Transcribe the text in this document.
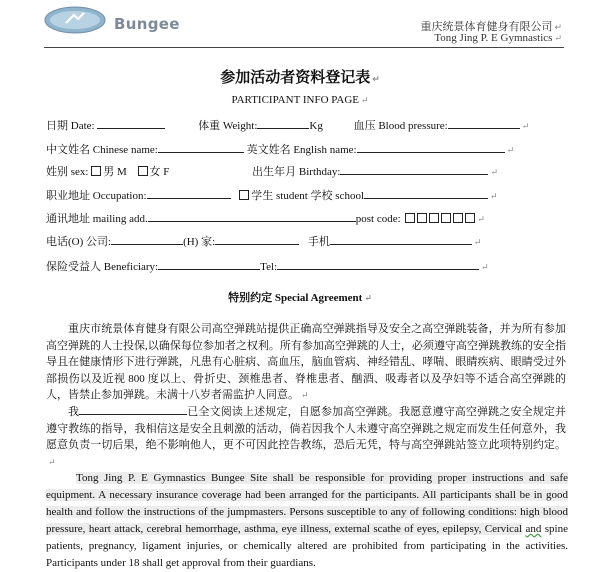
Bungee	重庆统景体育健身有限公司 ↵
Tong Jing P. E Gymnastics ↵
参加活动者资料登记表 ↵
PARTICIPANT INFO PAGE ↵
日期 Date:	体重 Weight:	Kg	血压 Blood pressure:	↵
中文姓名 Chinese name:	英文姓名 English name:	↵
姓别 sex: 男 M 女 F	出生年月 Birthday:	↵
职业地址 Occupation:	学生 student 学校 school	↵
通讯地址 mailing add.	post code:	↵
电话(O) 公司:	(H) 家:	手机	↵
保险受益人 Beneficiary:	Tel:	↵
特别约定 Special Agreement ↵
重庆市统景体育健身有限公司高空弹跳站提供正确高空弹跳指导及安全之高空弹跳装备，并为所有参加高空弹跳的人士投保,以确保每位参加者之权利。所有参加高空弹跳的人士，必须遵守高空弹跳教练的安全指导且在健康情形下进行弹跳，凡患有心脏病、高血压，脑血管病、神经错乱、哮喘、眼睛疾病、眼睛受过外部损伤以及近视 800 度以上、骨折史、颈椎患者、脊椎患者、酗酒、吸毒者以及孕妇等不适合高空弹跳的人，皆禁止参加弹跳。未满十八岁者需监护人同意。 ↵
我	已全文阅读上述规定，自愿参加高空弹跳。我愿意遵守高空弹跳之安全规定并遵守教练的指导，我相信这是安全且刺激的活动，倘若因我个人未遵守高空弹跳之规定而发生任何意外，我愿意负责一切后果，绝不影响他人，更不可因此控告教练，恐后无凭，特与高空弹跳站签立此项特别约定。↵
Tong Jing P. E Gymnastics Bungee Site shall be responsible for providing proper instructions and safe equipment. A necessary insurance coverage had been arranged for the participants. All participants shall be in good health and follow the instructions of the jumpmasters. Persons susceptible to any of following conditions: high blood pressure, heart attack, cerebral hemorrhage, asthma, eye illness, external scathe of eyes, epilepsy, Cervical and spine patients, pregnancy, ligament injuries, or chemically altered are prohibited from participating in the activities. Participants under 18 shall get approval from their guardians.
